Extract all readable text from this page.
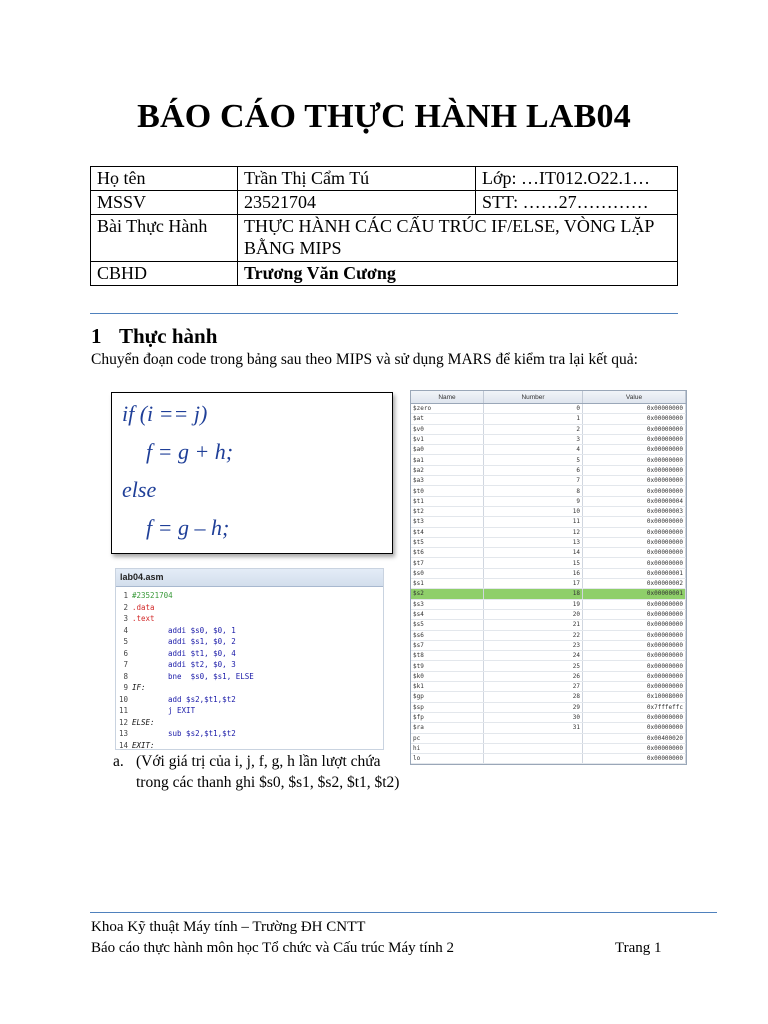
BÁO CÁO THỰC HÀNH LAB04
Họ tên	Trần Thị Cẩm Tú	Lớp: …IT012.O22.1…
MSSV	23521704	STT: ……27…………
Bài Thực Hành	THỰC HÀNH CÁC CẤU TRÚC IF/ELSE, VÒNG LẶP BẰNG MIPS	
CBHD	Trương Văn Cương	
1 Thực hành
Chuyển đoạn code trong bảng sau theo MIPS và sử dụng MARS để kiểm tra lại kết quả:
if (i == j)
f = g + h;
else
f = g – h;
lab04.asm
1 #23521704
2 .data
3 .text
4	addi $s0, $0, 1
5	addi $s1, $0, 2
6	addi $t1, $0, 4
7	addi $t2, $0, 3
8	bne  $s0, $s1, ELSE
9 IF:
10	add $s2,$t1,$t2
11	j EXIT
12 ELSE:
13	sub $s2,$t1,$t2
14 EXIT:
a. (Với giá trị của i, j, f, g, h lần lượt chứa
trong các thanh ghi $s0, $s1, $s2, $t1, $t2)
Name	Number	Value
$zero	0	0x00000000
$at	1	0x00000000
$v0	2	0x00000000
$v1	3	0x00000000
$a0	4	0x00000000
$a1	5	0x00000000
$a2	6	0x00000000
$a3	7	0x00000000
$t0	8	0x00000000
$t1	9	0x00000004
$t2	10	0x00000003
$t3	11	0x00000000
$t4	12	0x00000000
$t5	13	0x00000000
$t6	14	0x00000000
$t7	15	0x00000000
$s0	16	0x00000001
$s1	17	0x00000002
$s2	18	0x00000001
$s3	19	0x00000000
$s4	20	0x00000000
$s5	21	0x00000000
$s6	22	0x00000000
$s7	23	0x00000000
$t8	24	0x00000000
$t9	25	0x00000000
$k0	26	0x00000000
$k1	27	0x00000000
$gp	28	0x10008000
$sp	29	0x7fffeffc
$fp	30	0x00000000
$ra	31	0x00000000
pc		0x00400020
hi		0x00000000
lo		0x00000000
Khoa Kỹ thuật Máy tính – Trường ĐH CNTT
Báo cáo thực hành môn học Tổ chức và Cấu trúc Máy tính 2	Trang 1
